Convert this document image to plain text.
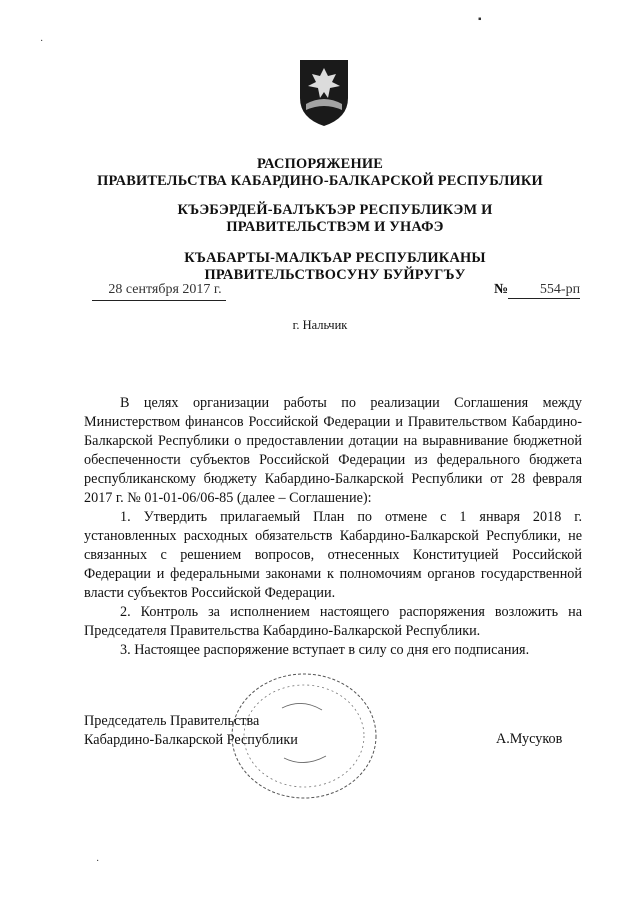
РАСПОРЯЖЕНИЕ
ПРАВИТЕЛЬСТВА КАБАРДИНО-БАЛКАРСКОЙ РЕСПУБЛИКИ
КЪЭБЭРДЕЙ-БАЛЪКЪЭР РЕСПУБЛИКЭМ И ПРАВИТЕЛЬСТВЭМ И УНАФЭ
КЪАБАРТЫ-МАЛКЪАР РЕСПУБЛИКАНЫ ПРАВИТЕЛЬСТВОСУНУ БУЙРУГЪУ
28 сентября 2017 г.	№ 554-рп
г. Нальчик

В целях организации работы по реализации Соглашения между Министерством финансов Российской Федерации и Правительством Кабардино-Балкарской Республики о предоставлении дотации на выравнивание бюджетной обеспеченности субъектов Российской Федерации из федерального бюджета республиканскому бюджету Кабардино-Балкарской Республики от 28 февраля 2017 г. № 01-01-06/06-85 (далее – Соглашение):

1. Утвердить прилагаемый План по отмене с 1 января 2018 г. установленных расходных обязательств Кабардино-Балкарской Республики, не связанных с решением вопросов, отнесенных Конституцией Российской Федерации и федеральными законами к полномочиям органов государственной власти субъектов Российской Федерации.

2. Контроль за исполнением настоящего распоряжения возложить на Председателя Правительства Кабардино-Балкарской Республики.

3. Настоящее распоряжение вступает в силу со дня его подписания.

Председатель Правительства
Кабардино-Балкарской Республики	А.Мусуков
▪
·
·
